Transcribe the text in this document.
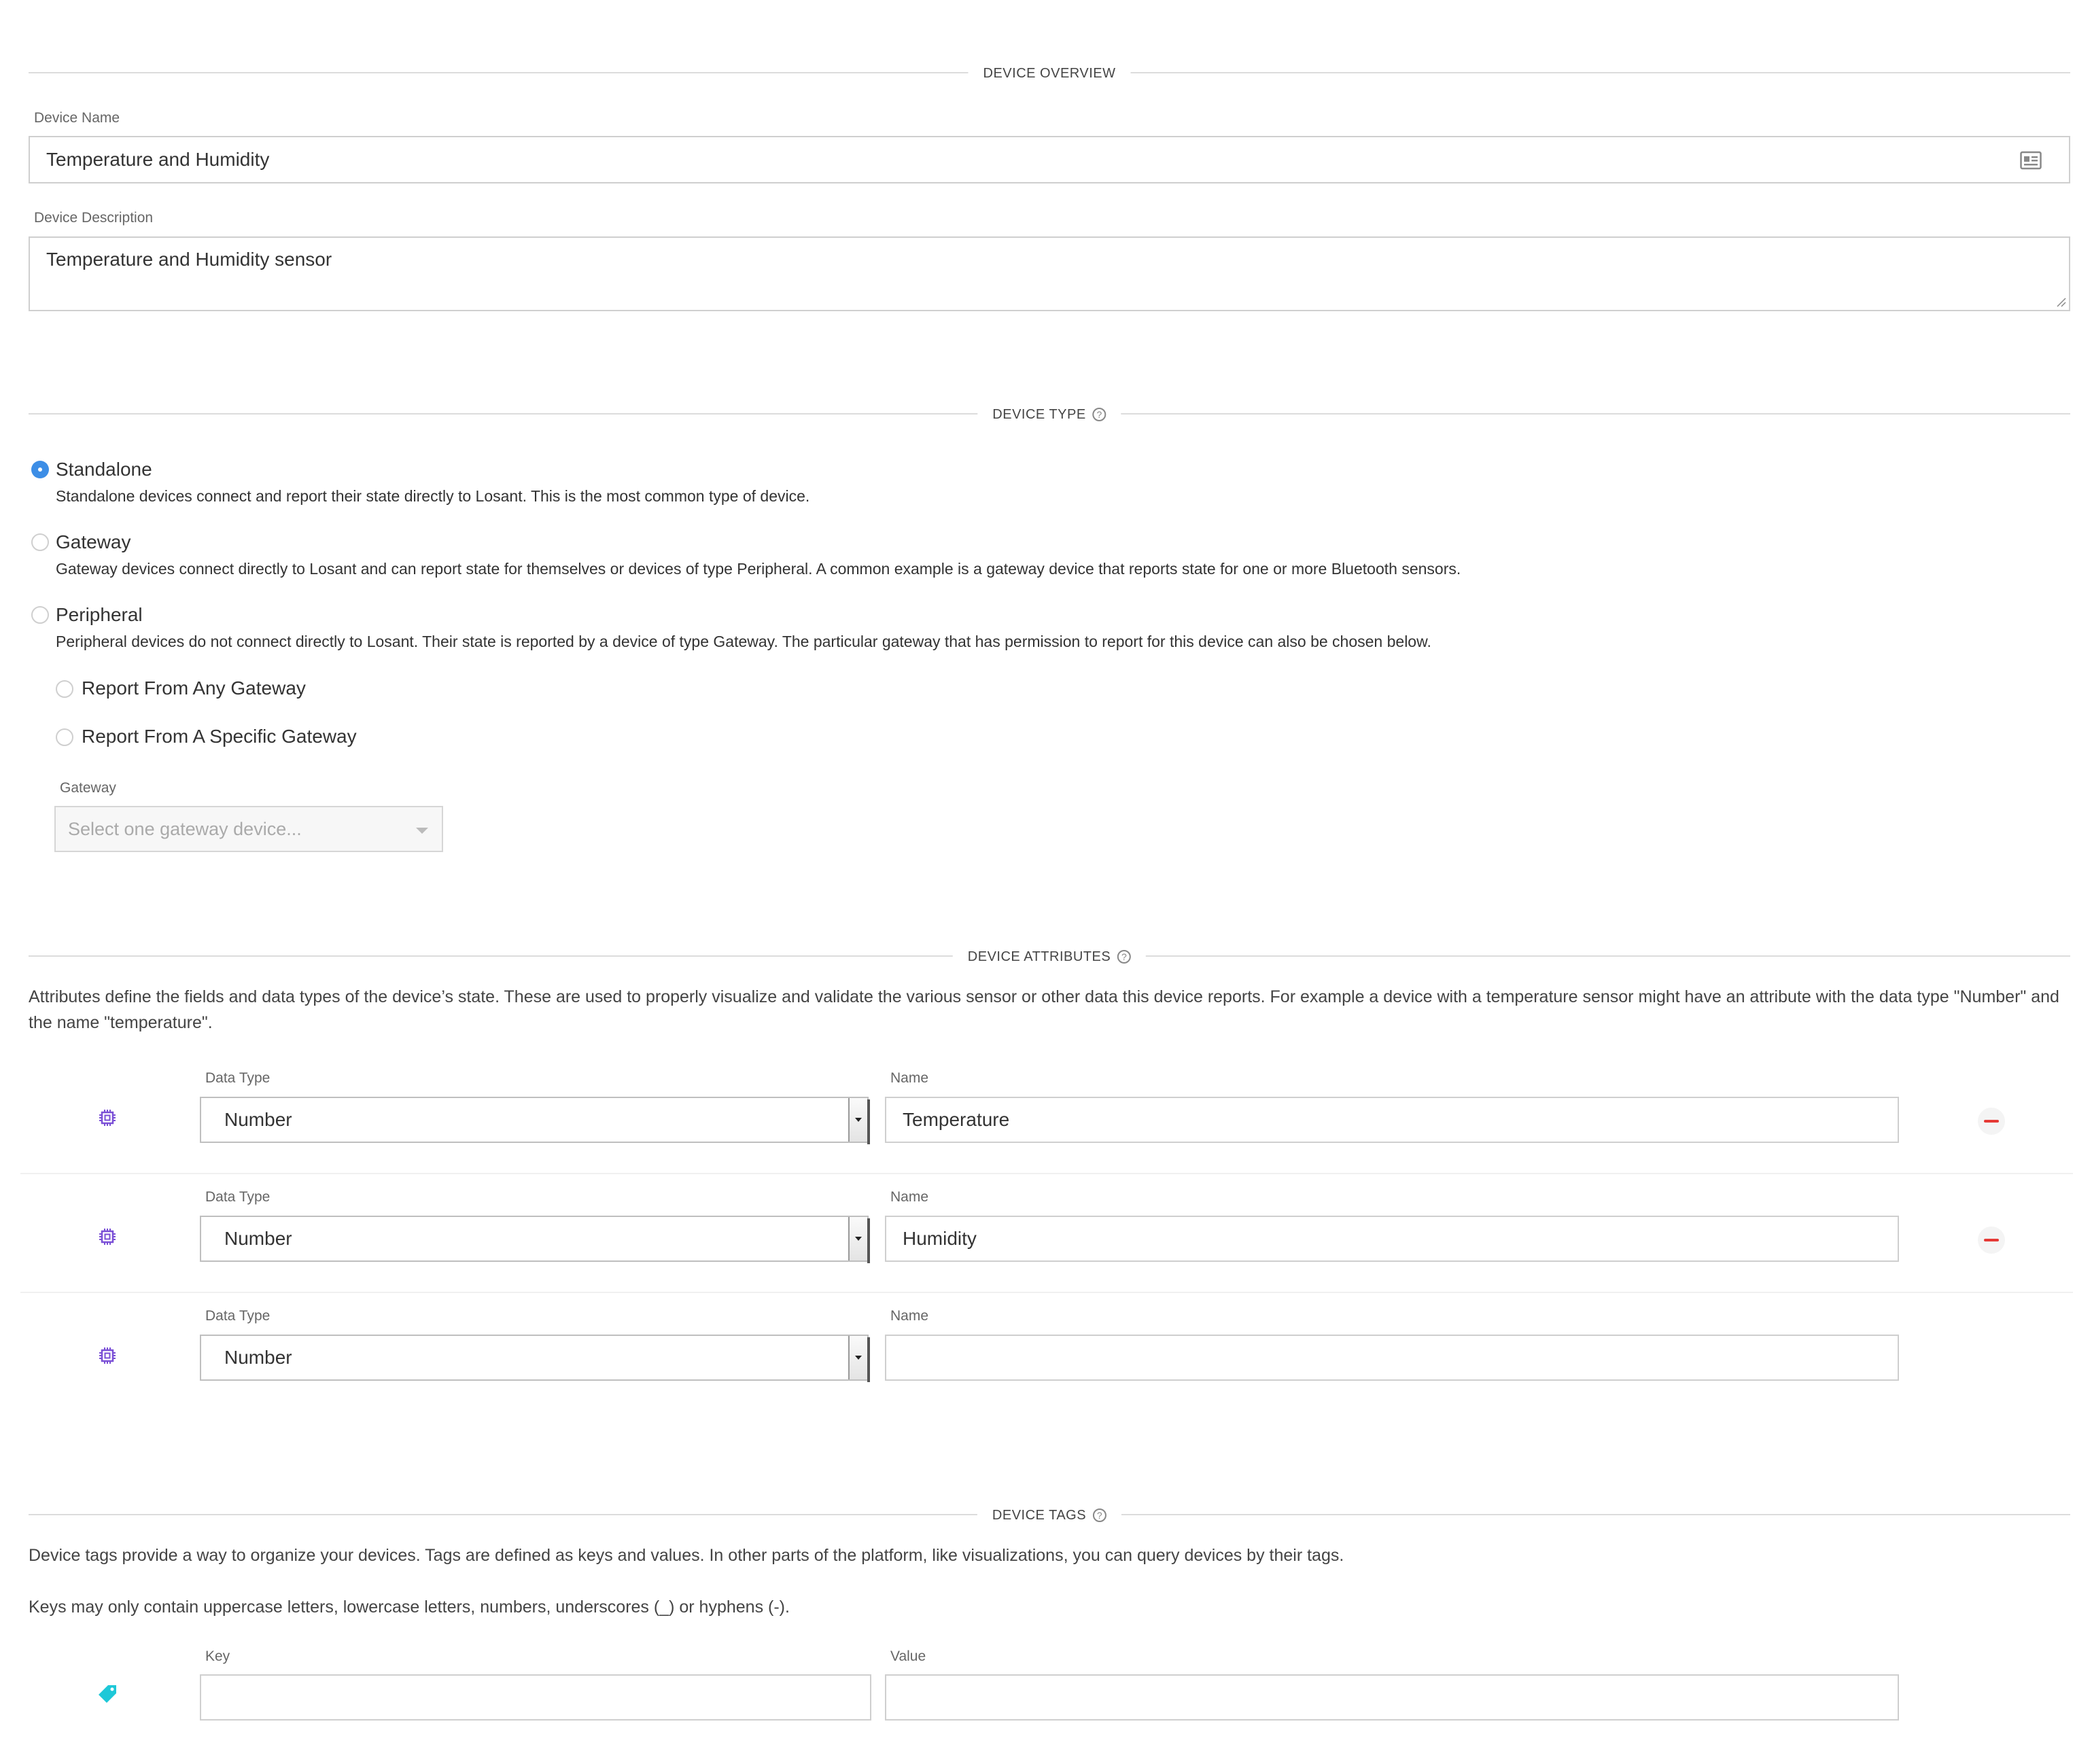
DEVICE OVERVIEW
Device Name
Temperature and Humidity
Device Description
Temperature and Humidity sensor
DEVICE TYPE	?
Standalone
Standalone devices connect and report their state directly to Losant. This is the most common type of device.
Gateway
Gateway devices connect directly to Losant and can report state for themselves or devices of type Peripheral. A common example is a gateway device that reports state for one or more Bluetooth sensors.
Peripheral
Peripheral devices do not connect directly to Losant. Their state is reported by a device of type Gateway. The particular gateway that has permission to report for this device can also be chosen below.
Report From Any Gateway
Report From A Specific Gateway
Gateway
Select one gateway device...
DEVICE ATTRIBUTES	?
Attributes define the fields and data types of the device’s state. These are used to properly visualize and validate the various sensor or other data this device reports. For example a device with a temperature sensor might have an attribute with the data type "Number" and the name "temperature".
Data Type
Number
Name
Temperature
Data Type
Number
Name
Humidity
Data Type
Number
Name
DEVICE TAGS	?
Device tags provide a way to organize your devices. Tags are defined as keys and values. In other parts of the platform, like visualizations, you can query devices by their tags.
Keys may only contain uppercase letters, lowercase letters, numbers, underscores (_) or hyphens (-).
Key	Value
